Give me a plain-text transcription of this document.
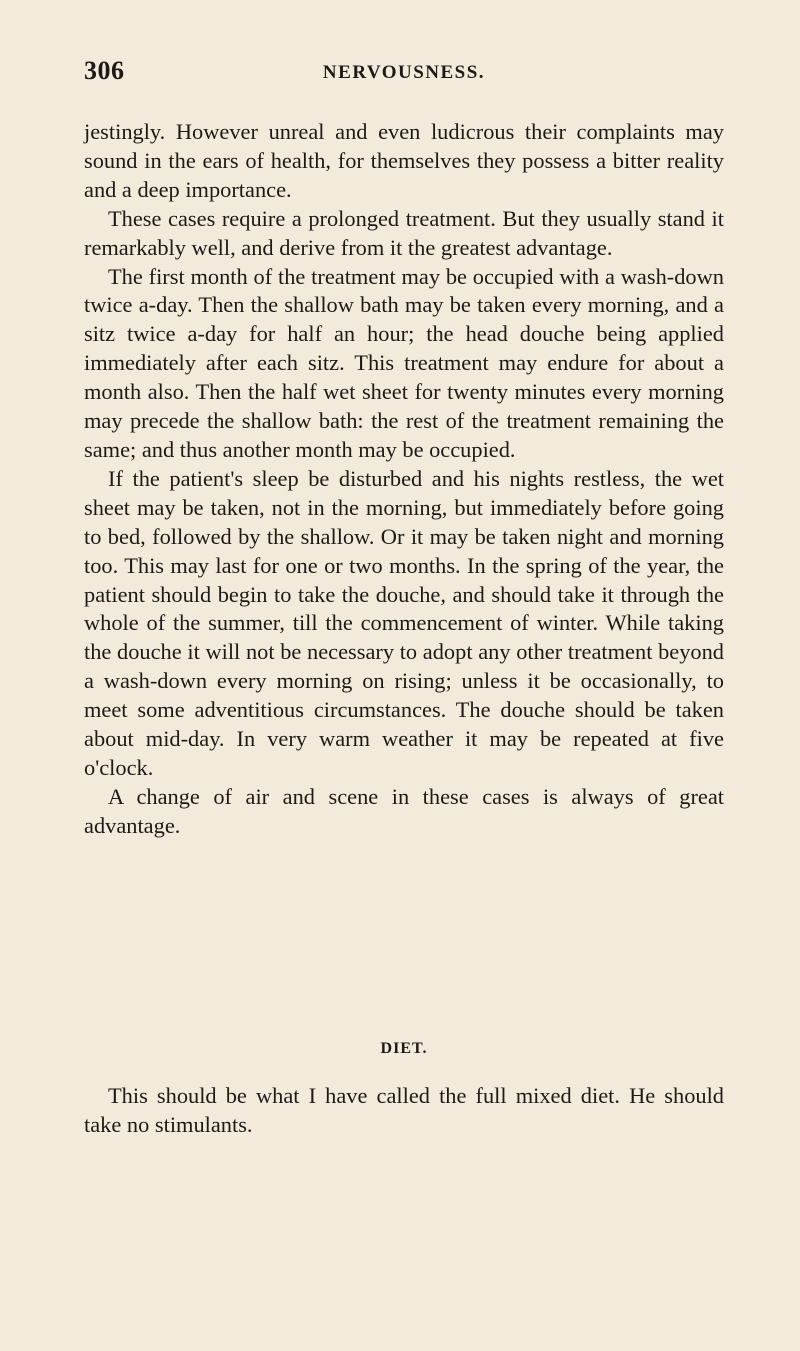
306	NERVOUSNESS.

jestingly. However unreal and even ludicrous their complaints may sound in the ears of health, for themselves they possess a bitter reality and a deep importance.

These cases require a prolonged treatment. But they usually stand it remarkably well, and derive from it the greatest advantage.

The first month of the treatment may be occupied with a wash-down twice a-day. Then the shallow bath may be taken every morning, and a sitz twice a-day for half an hour; the head douche being applied immediately after each sitz. This treatment may endure for about a month also. Then the half wet sheet for twenty minutes every morning may precede the shallow bath: the rest of the treatment remaining the same; and thus another month may be occupied.

If the patient's sleep be disturbed and his nights restless, the wet sheet may be taken, not in the morning, but immediately before going to bed, followed by the shallow. Or it may be taken night and morning too. This may last for one or two months. In the spring of the year, the patient should begin to take the douche, and should take it through the whole of the summer, till the commencement of winter. While taking the douche it will not be necessary to adopt any other treatment beyond a wash-down every morning on rising; unless it be occasionally, to meet some adventitious circumstances. The douche should be taken about mid-day. In very warm weather it may be repeated at five o'clock.

A change of air and scene in these cases is always of great advantage.

DIET.

This should be what I have called the full mixed diet. He should take no stimulants.
